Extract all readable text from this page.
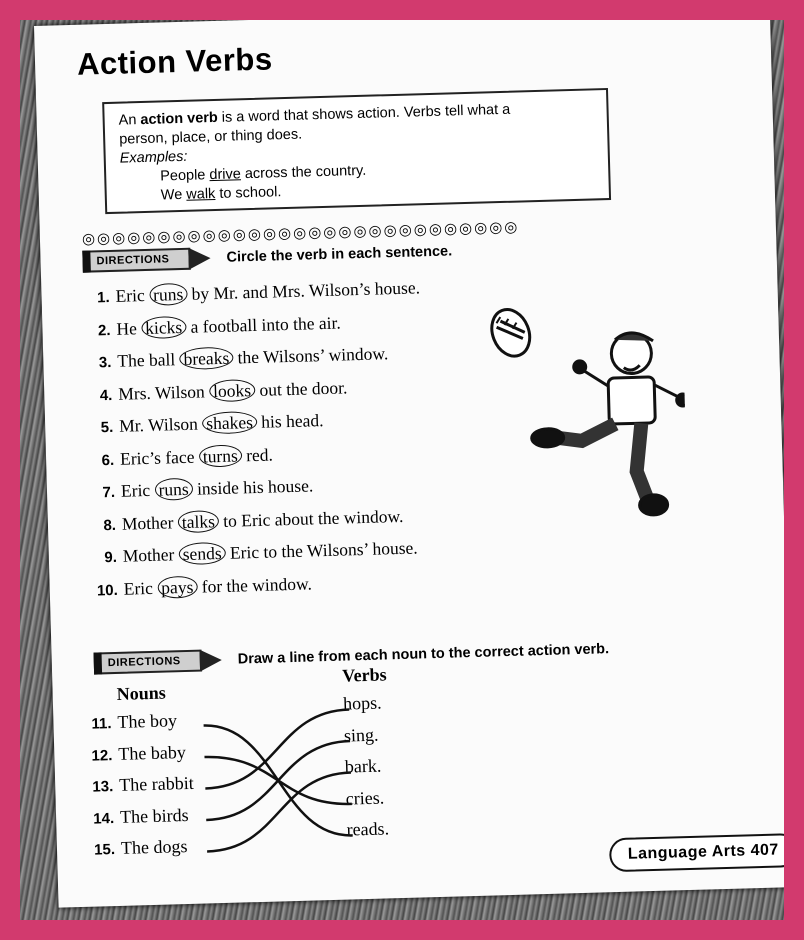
Action Verbs
An action verb is a word that shows action. Verbs tell what a
person, place, or thing does.
Examples:
People drive across the country.
We walk to school.
◎◎◎◎◎◎◎◎◎◎◎◎◎◎◎◎◎◎◎◎◎◎◎◎◎◎◎◎◎
DIRECTIONS	Circle the verb in each sentence.
1. Eric runs by Mr. and Mrs. Wilson’s house.
2. He kicks a football into the air.
3. The ball breaks the Wilsons’ window.
4. Mrs. Wilson looks out the door.
5. Mr. Wilson shakes his head.
6. Eric’s face turns red.
7. Eric runs inside his house.
8. Mother talks to Eric about the window.
9. Mother sends Eric to the Wilsons’ house.
10. Eric pays for the window.
DIRECTIONS	Draw a line from each noun to the correct action verb.
Nouns
11. The boy
12. The baby
13. The rabbit
14. The birds
15. The dogs
Verbs
hops.
sing.
bark.
cries.
reads.
Language Arts 407
